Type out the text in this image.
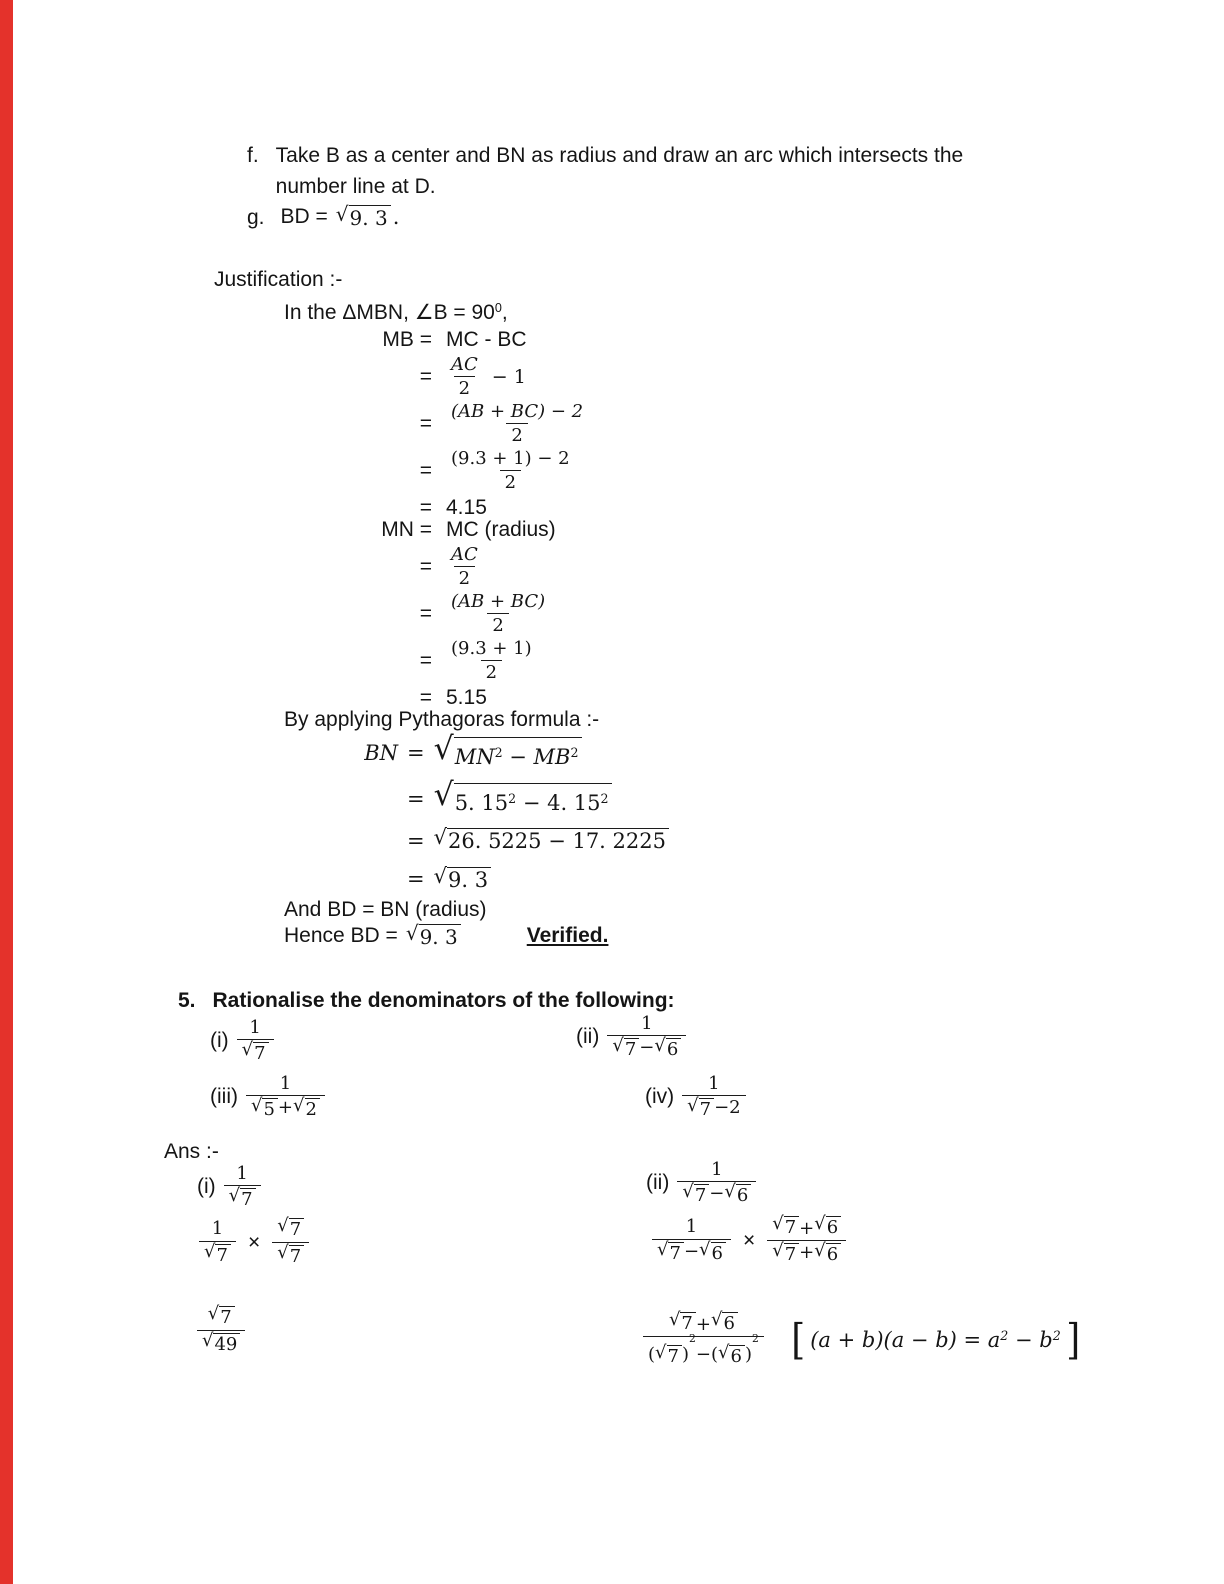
f. Take B as a center and BN as radius and draw an arc which intersects the
number line at D.
g. BD = √ 9. 3 .
Justification :-
In the ΔMBN, ∠B = $90^0$,
MB = MC - BC
= $\frac{AC}{2} - 1$
= $\frac{(AB + BC) - 2}{2}$
= $\frac{(9.3 + 1) - 2}{2}$
= 4.15
MN = MC (radius)
= $\frac{AC}{2}$
= $\frac{(AB + BC)}{2}$
= $\frac{(9.3 + 1)}{2}$
= 5.15
By applying Pythagoras formula :-
BN = √ $MN^2 - MB^2$
= √ 5. $15^2 - 4$. $15^2$
= √ 26. 5225 − 17. 2225
= √ 9. 3
And BD = BN (radius)
Hence BD = √ 9. 3	Verified.
5. Rationalise the denominators of the following:
(i) 1
√
7	(ii) 1
√
7 − √ 6
(iii) 1
√
5 + √ 2	(iv) 1
√
7 −2
Ans :-
(i) 1
√
7	(ii) 1
√
7 − √ 6
1
√
7 × √ 7
√
7	1
√
7 − √ 6 × √ 7 + √ 6
√
7 + √ 6
√
7
√
49 √	7 + √ 6
( √ 7 )
2
− ( √ 6 )
2 [ $(a + b)(a - b) = a^2 - b^2$ ]
